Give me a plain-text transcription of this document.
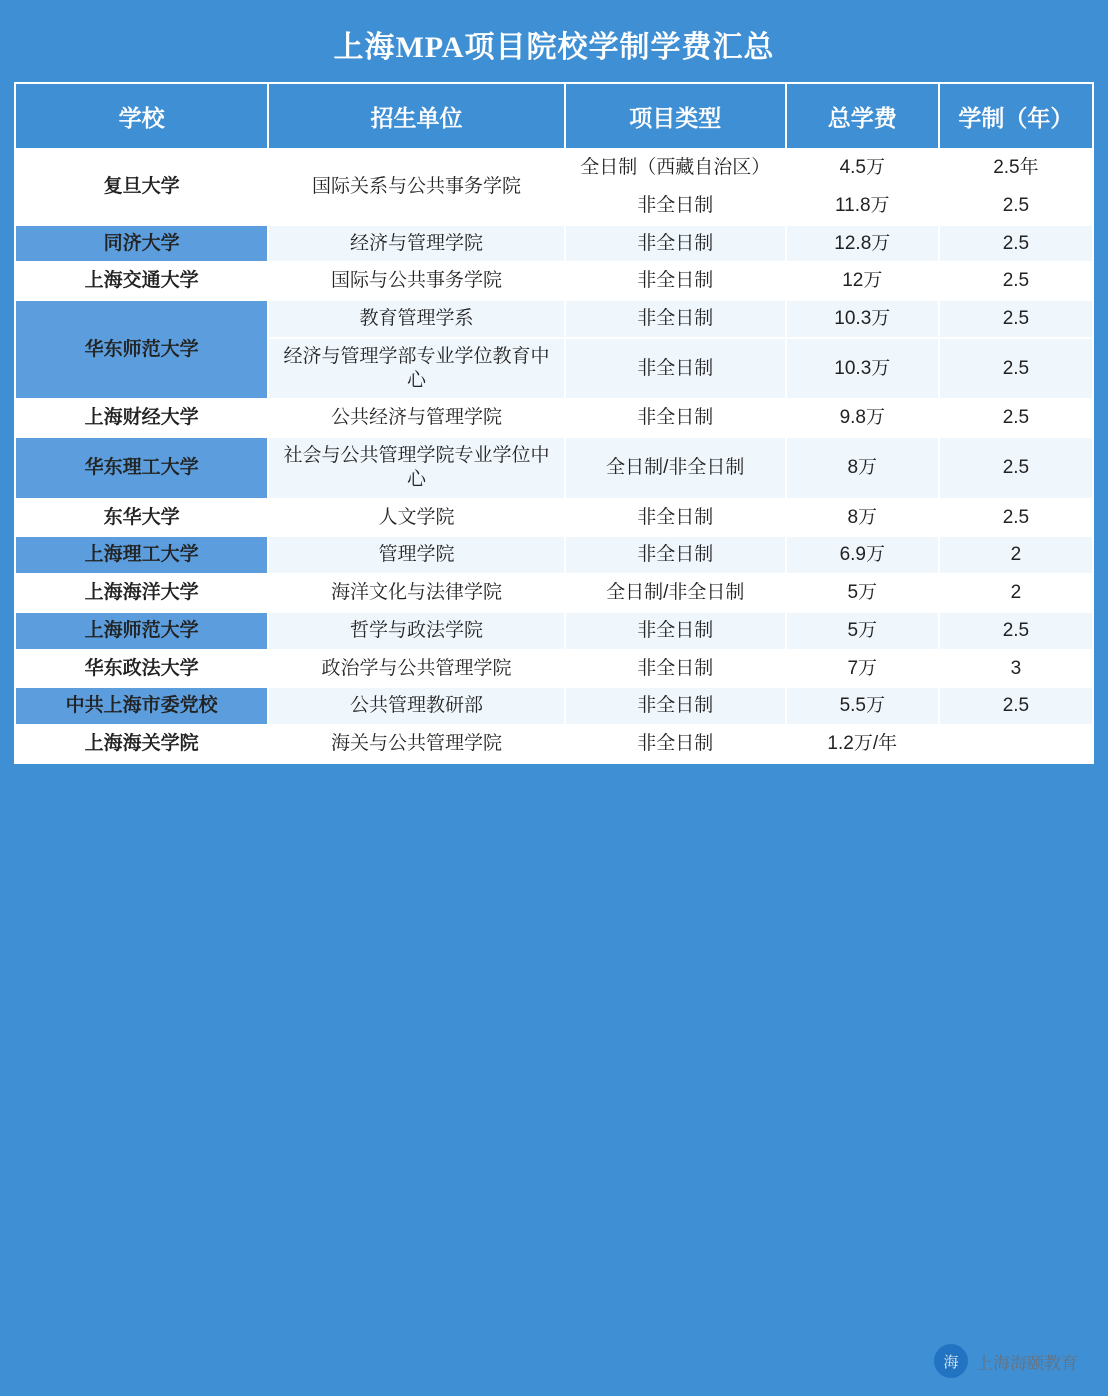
上海MPA项目院校学制学费汇总
学校	招生单位	项目类型	总学费	学制（年）
复旦大学	国际关系与公共事务学院	全日制（西藏自治区）	4.5万	2.5年
		非全日制	11.8万	2.5
同济大学	经济与管理学院	非全日制	12.8万	2.5
上海交通大学	国际与公共事务学院	非全日制	12万	2.5
华东师范大学	教育管理学系	非全日制	10.3万	2.5
	经济与管理学部专业学位教育中心	非全日制	10.3万	2.5
上海财经大学	公共经济与管理学院	非全日制	9.8万	2.5
华东理工大学	社会与公共管理学院专业学位中心	全日制/非全日制	8万	2.5
东华大学	人文学院	非全日制	8万	2.5
上海理工大学	管理学院	非全日制	6.9万	2
上海海洋大学	海洋文化与法律学院	全日制/非全日制	5万	2
上海师范大学	哲学与政法学院	非全日制	5万	2.5
华东政法大学	政治学与公共管理学院	非全日制	7万	3
中共上海市委党校	公共管理教研部	非全日制	5.5万	2.5
上海海关学院	海关与公共管理学院	非全日制	1.2万/年	
海	上海海颐教育
